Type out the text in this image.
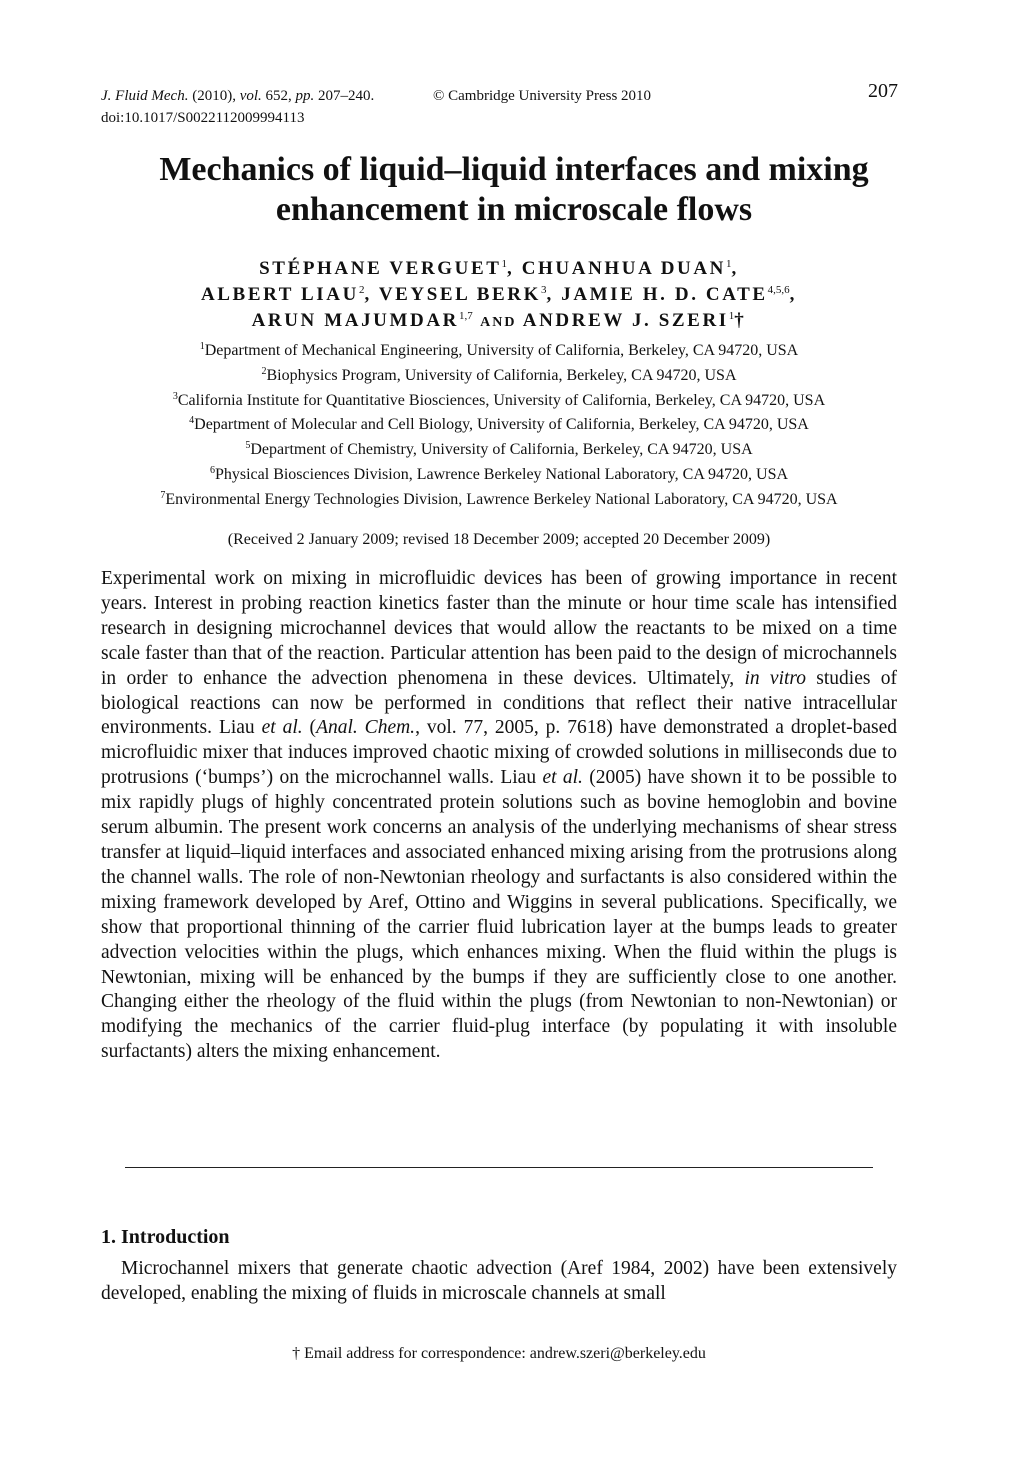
J. Fluid Mech. (2010), vol. 652, pp. 207–240.	© Cambridge University Press 2010
doi:10.1017/S0022112009994113
207
Mechanics of liquid–liquid interfaces and mixing enhancement in microscale flows
STÉPHANE VERGUET$^1$, CHUANHUA DUAN$^1$,
ALBERT LIAU$^2$, VEYSEL BERK$^3$, JAMIE H. D. CATE$^{4,5,6}$,
ARUN MAJUMDAR$^{1,7}$ AND ANDREW J. SZERI$^1$†
$^1$Department of Mechanical Engineering, University of California, Berkeley, CA 94720, USA
$^2$Biophysics Program, University of California, Berkeley, CA 94720, USA
$^3$California Institute for Quantitative Biosciences, University of California, Berkeley, CA 94720, USA
$^4$Department of Molecular and Cell Biology, University of California, Berkeley, CA 94720, USA
$^5$Department of Chemistry, University of California, Berkeley, CA 94720, USA
$^6$Physical Biosciences Division, Lawrence Berkeley National Laboratory, CA 94720, USA
$^7$Environmental Energy Technologies Division, Lawrence Berkeley National Laboratory, CA 94720, USA
(Received 2 January 2009; revised 18 December 2009; accepted 20 December 2009)
Experimental work on mixing in microfluidic devices has been of growing importance in recent years. Interest in probing reaction kinetics faster than the minute or hour time scale has intensified research in designing microchannel devices that would allow the reactants to be mixed on a time scale faster than that of the reaction. Particular attention has been paid to the design of microchannels in order to enhance the advection phenomena in these devices. Ultimately, in vitro studies of biological reactions can now be performed in conditions that reflect their native intracellular environments. Liau et al. (Anal. Chem., vol. 77, 2005, p. 7618) have demonstrated a droplet-based microfluidic mixer that induces improved chaotic mixing of crowded solutions in milliseconds due to protrusions (‘bumps’) on the microchannel walls. Liau et al. (2005) have shown it to be possible to mix rapidly plugs of highly concentrated protein solutions such as bovine hemoglobin and bovine serum albumin. The present work concerns an analysis of the underlying mechanisms of shear stress transfer at liquid–liquid interfaces and associated enhanced mixing arising from the protrusions along the channel walls. The role of non-Newtonian rheology and surfactants is also considered within the mixing framework developed by Aref, Ottino and Wiggins in several publications. Specifically, we show that proportional thinning of the carrier fluid lubrication layer at the bumps leads to greater advection velocities within the plugs, which enhances mixing. When the fluid within the plugs is Newtonian, mixing will be enhanced by the bumps if they are sufficiently close to one another. Changing either the rheology of the fluid within the plugs (from Newtonian to non-Newtonian) or modifying the mechanics of the carrier fluid-plug interface (by populating it with insoluble surfactants) alters the mixing enhancement.
1. Introduction
Microchannel mixers that generate chaotic advection (Aref 1984, 2002) have been extensively developed, enabling the mixing of fluids in microscale channels at small
† Email address for correspondence: andrew.szeri@berkeley.edu
